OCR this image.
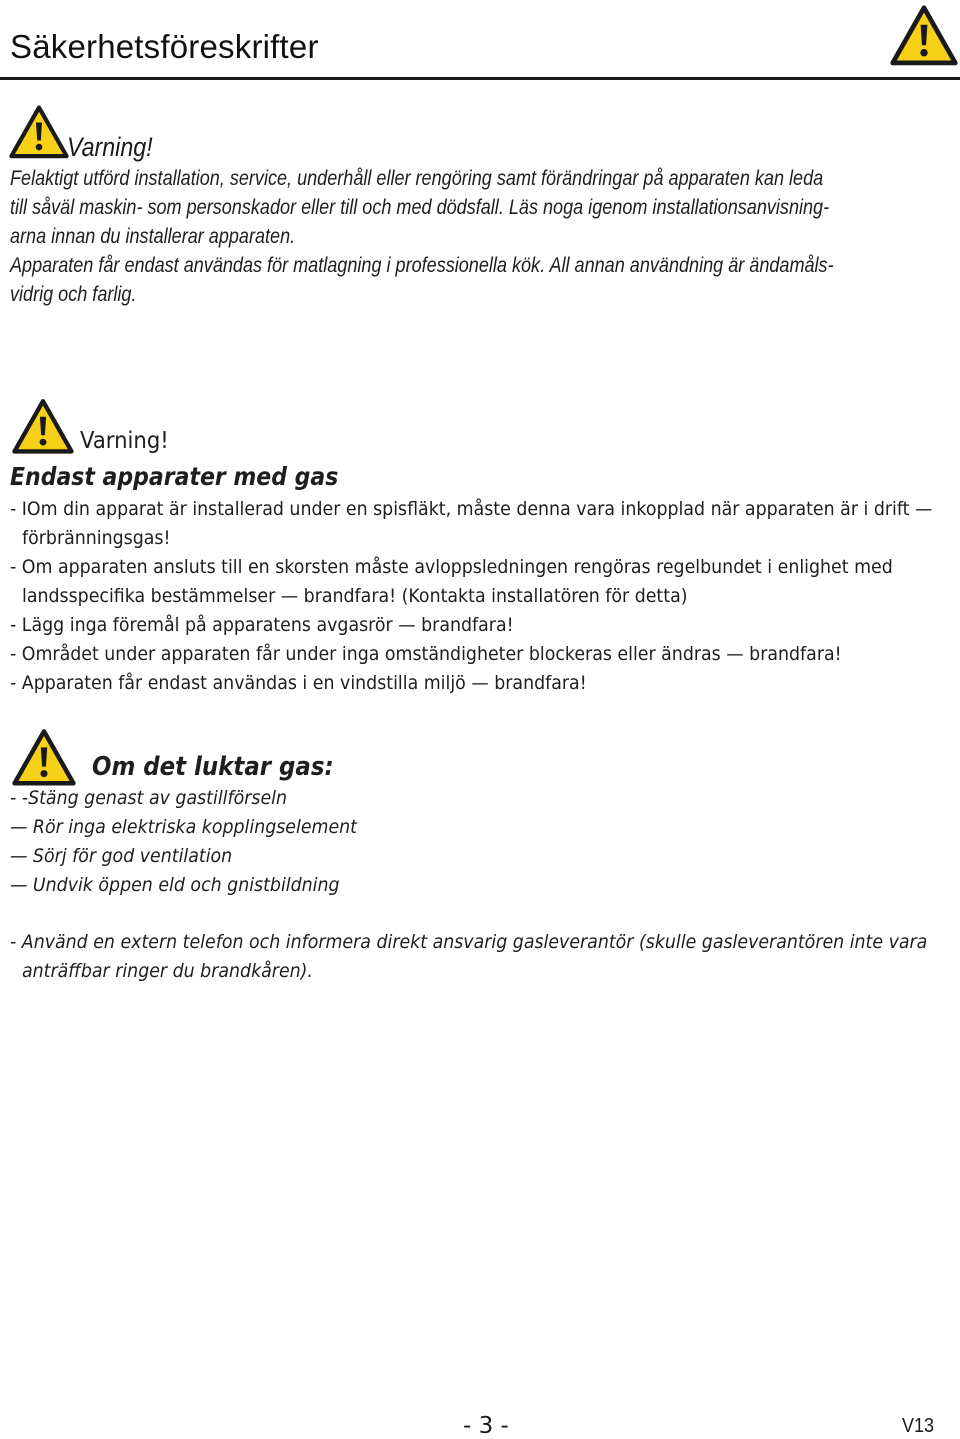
Säkerhetsföreskrifter
Varning!
Felaktigt utförd installation, service, underhåll eller rengöring samt förändringar på apparaten kan leda
till såväl maskin- som personskador eller till och med dödsfall. Läs noga igenom installationsanvisning-
arna innan du installerar apparaten.
Apparaten får endast användas för matlagning i professionella kök. All annan användning är ändamåls-
vidrig och farlig.
Varning!
Endast apparater med gas
- IOm din apparat är installerad under en spisfläkt, måste denna vara inkopplad när apparaten är i drift —
förbränningsgas!
- Om apparaten ansluts till en skorsten måste avloppsledningen rengöras regelbundet i enlighet med
landsspecifika bestämmelser — brandfara! (Kontakta installatören för detta)
- Lägg inga föremål på apparatens avgasrör — brandfara!
- Området under apparaten får under inga omständigheter blockeras eller ändras — brandfara!
- Apparaten får endast användas i en vindstilla miljö — brandfara!
Om det luktar gas:
- -Stäng genast av gastillförseln
— Rör inga elektriska kopplingselement
— Sörj för god ventilation
— Undvik öppen eld och gnistbildning
- Använd en extern telefon och informera direkt ansvarig gasleverantör (skulle gasleverantören inte vara
anträffbar ringer du brandkåren).
- 3 -	V13
